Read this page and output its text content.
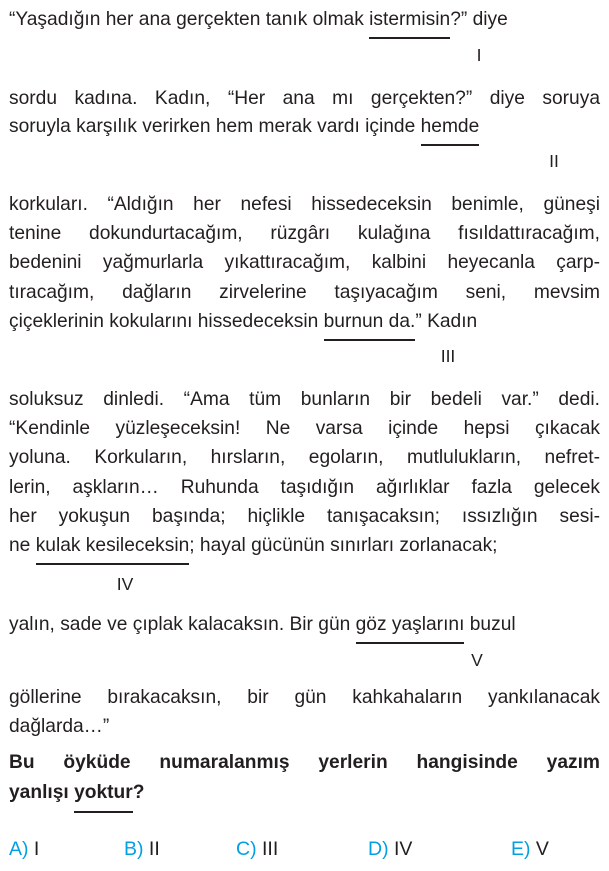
“Yaşadığın her ana gerçekten tanık olmak istermisin?” diye
I
sordu kadına. Kadın, “Her ana mı gerçekten?” diye soruya
soruyla karşılık verirken hem merak vardı içinde hemde
II
korkuları. “Aldığın her nefesi hissedeceksin benimle, güneşi
tenine dokundurtacağım, rüzgârı kulağına fısıldattıracağım,
bedenini yağmurlarla yıkattıracağım, kalbini heyecanla çarp-
tıracağım, dağların zirvelerine taşıyacağım seni, mevsim
çiçeklerinin kokularını hissedeceksin burnun da.” Kadın
III
soluksuz dinledi. “Ama tüm bunların bir bedeli var.” dedi.
“Kendinle yüzleşeceksin! Ne varsa içinde hepsi çıkacak
yoluna. Korkuların, hırsların, egoların, mutlulukların, nefret-
lerin, aşkların… Ruhunda taşıdığın ağırlıklar fazla gelecek
her yokuşun başında; hiçlikle tanışacaksın; ıssızlığın sesi-
ne kulak kesileceksin; hayal gücünün sınırları zorlanacak;
IV
yalın, sade ve çıplak kalacaksın. Bir gün göz yaşlarını buzul
V
göllerine bırakacaksın, bir gün kahkahaların yankılanacak
dağlarda…”
Bu öyküde numaralanmış yerlerin hangisinde yazım
yanlışı yoktur?
A) I	B) II	C) III	D) IV	E) V
